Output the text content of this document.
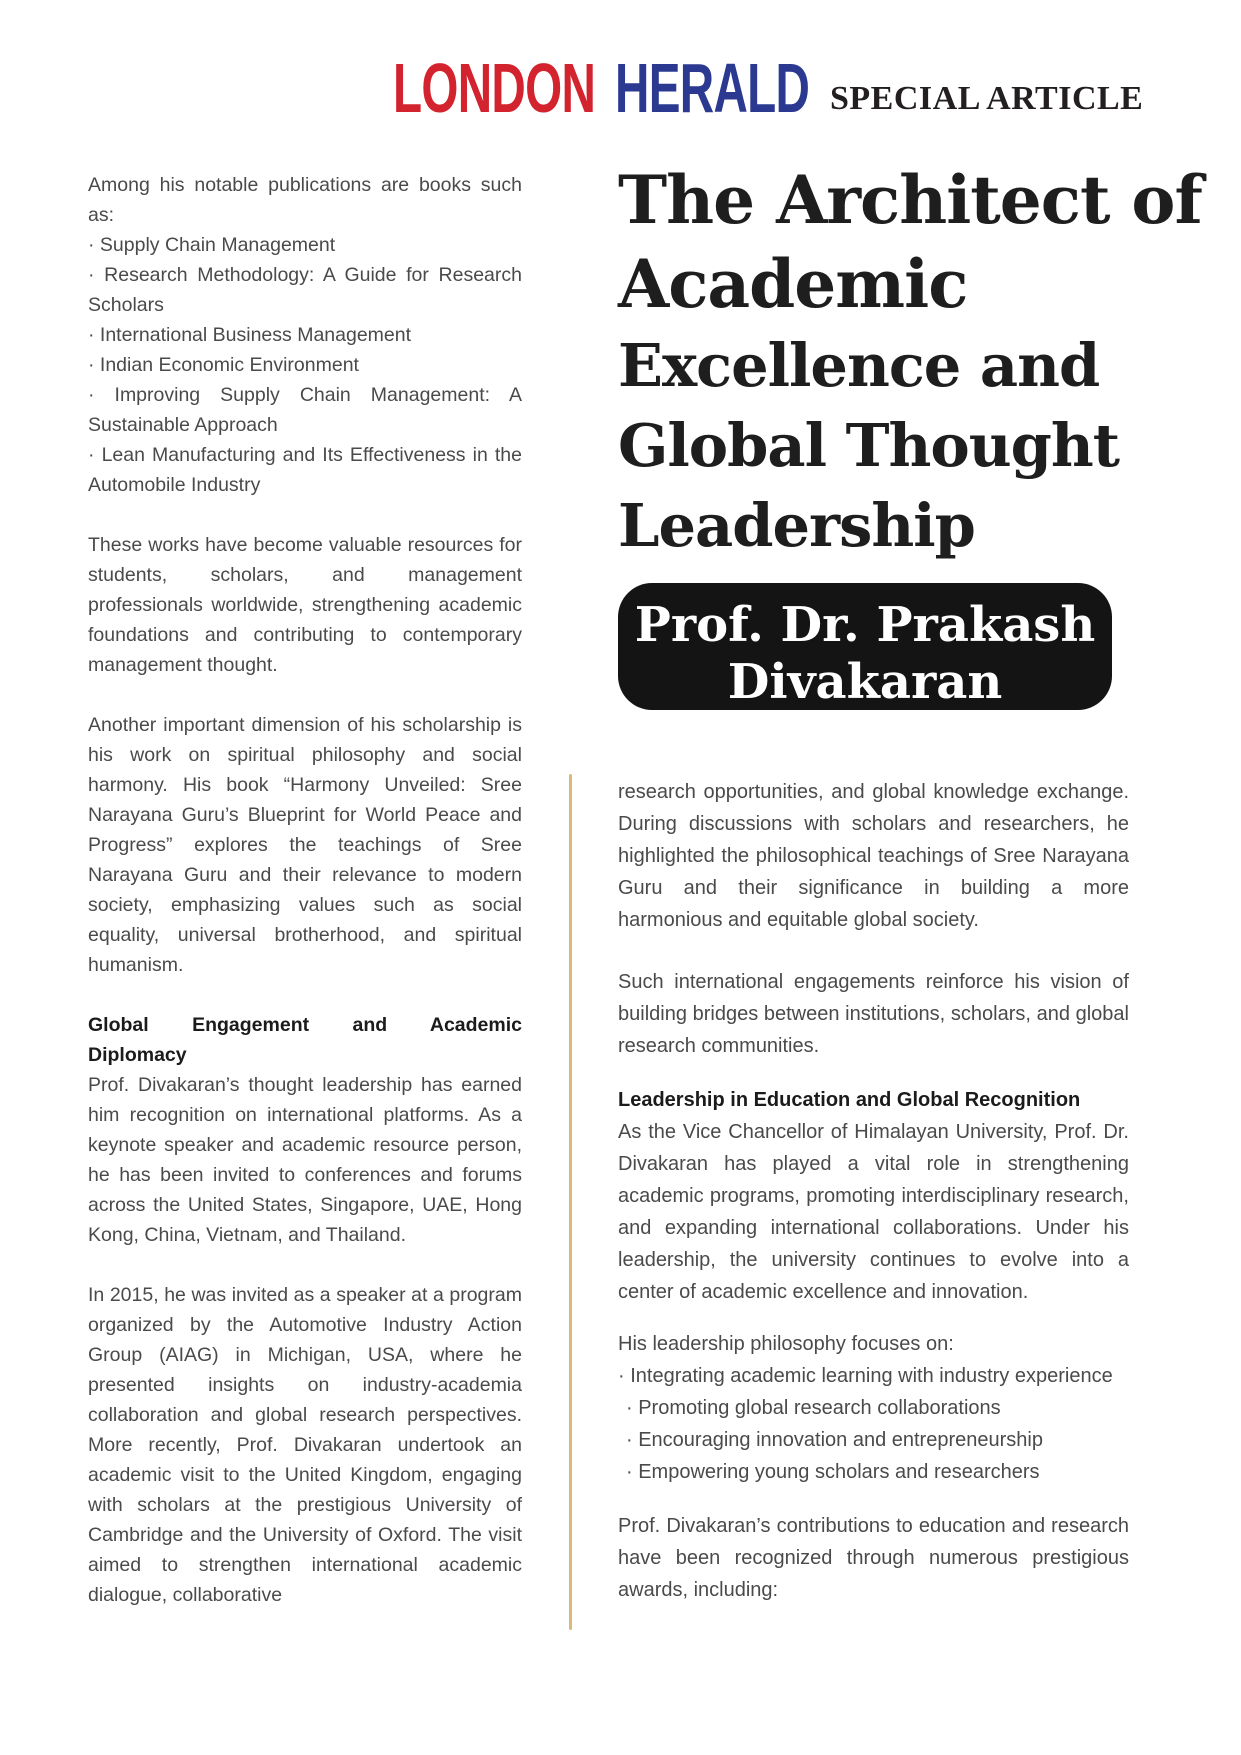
LONDON HERALD SPECIAL ARTICLE

Among his notable publications are books such as:

· Supply Chain Management
· Research Methodology: A Guide for Research Scholars
· International Business Management
· Indian Economic Environment
· Improving Supply Chain Management: A Sustainable Approach
· Lean Manufacturing and Its Effectiveness in the Automobile Industry

These works have become valuable resources for students, scholars, and management professionals worldwide, strengthening academic foundations and contributing to contemporary management thought.

Another important dimension of his scholarship is his work on spiritual philosophy and social harmony. His book “Harmony Unveiled: Sree Narayana Guru’s Blueprint for World Peace and Progress” explores the teachings of Sree Narayana Guru and their relevance to modern society, emphasizing values such as social equality, universal brotherhood, and spiritual humanism.

Global Engagement and Academic
Diplomacy

Prof. Divakaran’s thought leadership has earned him recognition on international platforms. As a keynote speaker and academic resource person, he has been invited to conferences and forums across the United States, Singapore, UAE, Hong Kong, China, Vietnam, and Thailand.

In 2015, he was invited as a speaker at a program organized by the Automotive Industry Action Group (AIAG) in Michigan, USA, where he presented insights on industry-academia collaboration and global research perspectives. More recently, Prof. Divakaran undertook an academic visit to the United Kingdom, engaging with scholars at the prestigious University of Cambridge and the University of Oxford. The visit aimed to strengthen international academic dialogue, collaborative

The Architect of
Academic
Excellence and
Global Thought
Leadership
Prof. Dr. Prakash
Divakaran

research opportunities, and global knowledge exchange. During discussions with scholars and researchers, he highlighted the philosophical teachings of Sree Narayana Guru and their significance in building a more harmonious and equitable global society.

Such international engagements reinforce his vision of building bridges between institutions, scholars, and global research communities.

Leadership in Education and Global Recognition

As the Vice Chancellor of Himalayan University, Prof. Dr. Divakaran has played a vital role in strengthening academic programs, promoting interdisciplinary research, and expanding international collaborations. Under his leadership, the university continues to evolve into a center of academic excellence and innovation.

His leadership philosophy focuses on:

· Integrating academic learning with industry experience
· Promoting global research collaborations
· Encouraging innovation and entrepreneurship
· Empowering young scholars and researchers

Prof. Divakaran’s contributions to education and research have been recognized through numerous prestigious awards, including:
